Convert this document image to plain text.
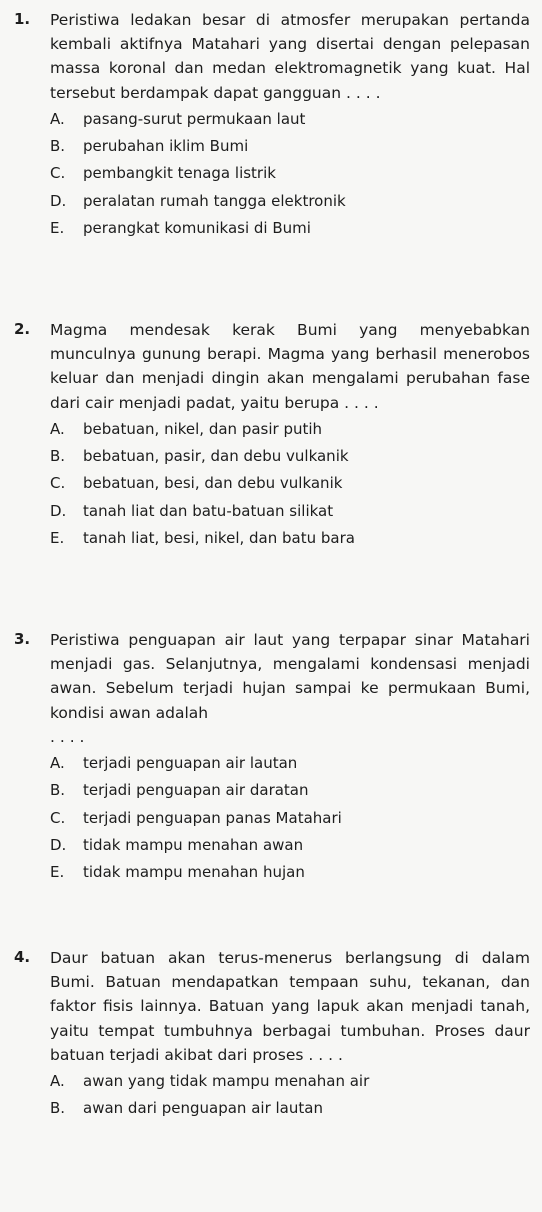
1.	Peristiwa ledakan besar di atmosfer merupakan pertanda kembali aktifnya Matahari yang disertai dengan pelepasan massa koronal dan medan elektromagnetik yang kuat. Hal tersebut berdampak dapat gangguan . . . .

A.	pasang-surut permukaan laut
B.	perubahan iklim Bumi
C.	pembangkit tenaga listrik
D.	peralatan rumah tangga elektronik
E.	perangkat komunikasi di Bumi
2.	Magma mendesak kerak Bumi yang menyebabkan munculnya gunung berapi. Magma yang berhasil menerobos keluar dan menjadi dingin akan mengalami perubahan fase dari cair menjadi padat, yaitu berupa . . . .

A.	bebatuan, nikel, dan pasir putih
B.	bebatuan, pasir, dan debu vulkanik
C.	bebatuan, besi, dan debu vulkanik
D.	tanah liat dan batu-batuan silikat
E.	tanah liat, besi, nikel, dan batu bara
3.	Peristiwa penguapan air laut yang terpapar sinar Matahari menjadi gas. Selanjutnya, mengalami kondensasi menjadi awan. Sebelum terjadi hujan sampai ke permukaan Bumi, kondisi awan adalah
. . . .

A.	terjadi penguapan air lautan
B.	terjadi penguapan air daratan
C.	terjadi penguapan panas Matahari
D.	tidak mampu menahan awan
E.	tidak mampu menahan hujan
4.	Daur batuan akan terus-menerus berlangsung di dalam Bumi. Batuan mendapatkan tempaan suhu, tekanan, dan faktor fisis lainnya. Batuan yang lapuk akan menjadi tanah, yaitu tempat tumbuhnya berbagai tumbuhan. Proses daur batuan terjadi akibat dari proses . . . .

A.	awan yang tidak mampu menahan air
B.	awan dari penguapan air lautan
